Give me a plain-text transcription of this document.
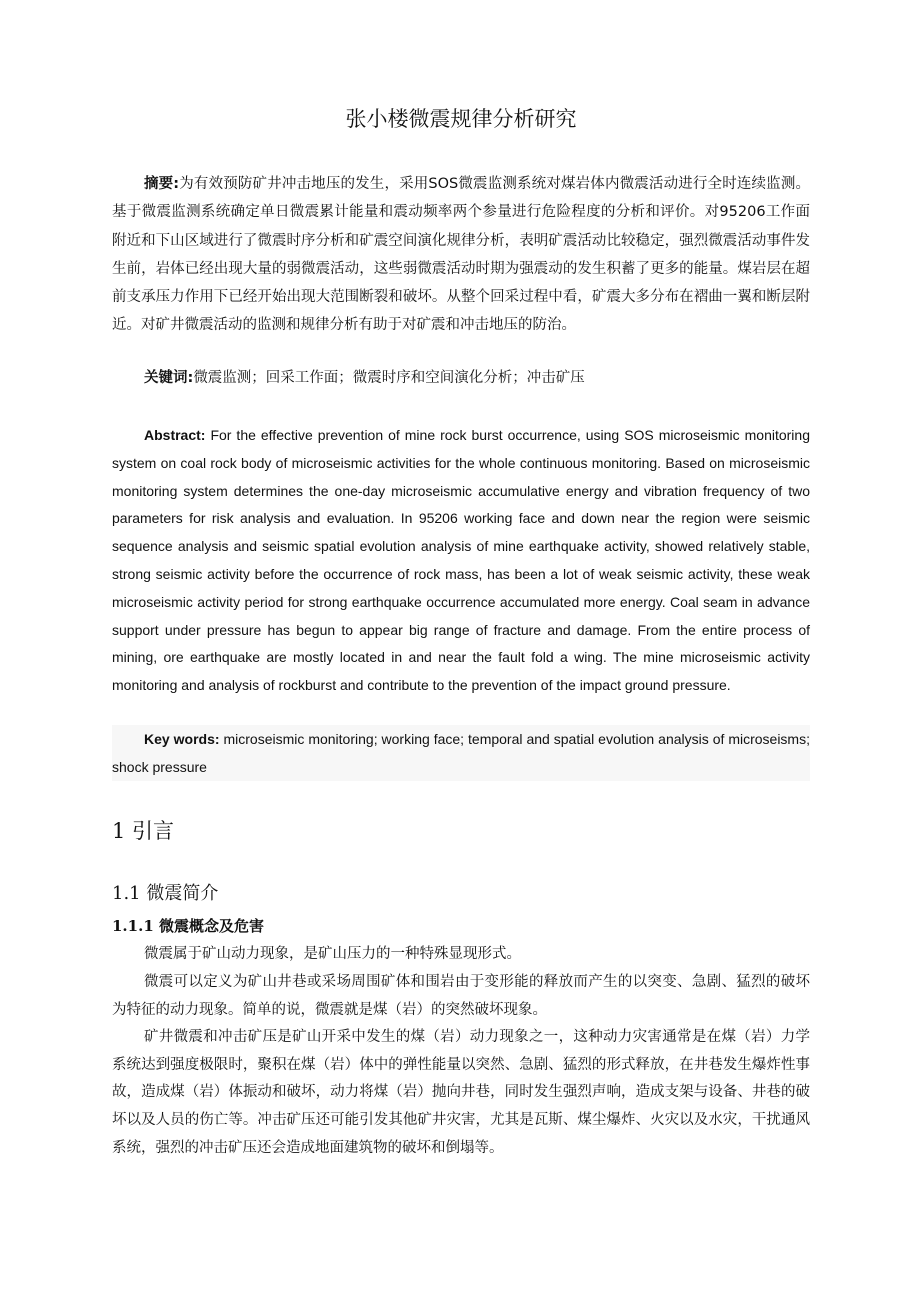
张小楼微震规律分析研究
摘要:为有效预防矿井冲击地压的发生，采用SOS微震监测系统对煤岩体内微震活动进行全时连续监测。基于微震监测系统确定单日微震累计能量和震动频率两个参量进行危险程度的分析和评价。对95206工作面附近和下山区域进行了微震时序分析和矿震空间演化规律分析，表明矿震活动比较稳定，强烈微震活动事件发生前，岩体已经出现大量的弱微震活动，这些弱微震活动时期为强震动的发生积蓄了更多的能量。煤岩层在超前支承压力作用下已经开始出现大范围断裂和破坏。从整个回采过程中看，矿震大多分布在褶曲一翼和断层附近。对矿井微震活动的监测和规律分析有助于对矿震和冲击地压的防治。
关键词:微震监测；回采工作面；微震时序和空间演化分析；冲击矿压
Abstract: For the effective prevention of mine rock burst occurrence, using SOS microseismic monitoring system on coal rock body of microseismic activities for the whole continuous monitoring. Based on microseismic monitoring system determines the one-day microseismic accumulative energy and vibration frequency of two parameters for risk analysis and evaluation. In 95206 working face and down near the region were seismic sequence analysis and seismic spatial evolution analysis of mine earthquake activity, showed relatively stable, strong seismic activity before the occurrence of rock mass, has been a lot of weak seismic activity, these weak microseismic activity period for strong earthquake occurrence accumulated more energy. Coal seam in advance support under pressure has begun to appear big range of fracture and damage. From the entire process of mining, ore earthquake are mostly located in and near the fault fold a wing. The mine microseismic activity monitoring and analysis of rockburst and contribute to the prevention of the impact ground pressure.
Key words: microseismic monitoring; working face; temporal and spatial evolution analysis of microseisms; shock pressure
1 引言
1.1 微震简介
1.1.1 微震概念及危害

微震属于矿山动力现象，是矿山压力的一种特殊显现形式。

微震可以定义为矿山井巷或采场周围矿体和围岩由于变形能的释放而产生的以突变、急剧、猛烈的破坏为特征的动力现象。简单的说，微震就是煤（岩）的突然破坏现象。

矿井微震和冲击矿压是矿山开采中发生的煤（岩）动力现象之一，这种动力灾害通常是在煤（岩）力学系统达到强度极限时，聚积在煤（岩）体中的弹性能量以突然、急剧、猛烈的形式释放，在井巷发生爆炸性事故，造成煤（岩）体振动和破坏，动力将煤（岩）抛向井巷，同时发生强烈声响，造成支架与设备、井巷的破坏以及人员的伤亡等。冲击矿压还可能引发其他矿井灾害，尤其是瓦斯、煤尘爆炸、火灾以及水灾，干扰通风系统，强烈的冲击矿压还会造成地面建筑物的破坏和倒塌等。
